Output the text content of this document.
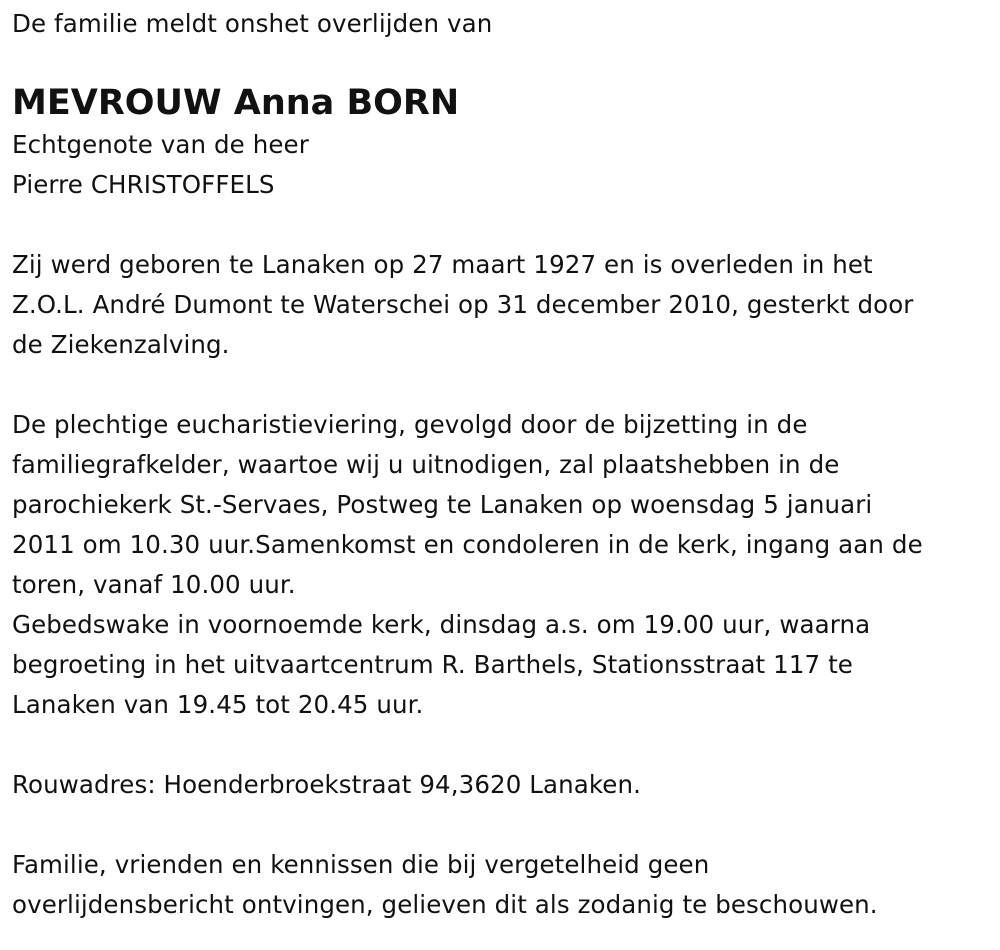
De familie meldt onshet overlijden van
MEVROUW Anna BORN
Echtgenote van de heer
Pierre CHRISTOFFELS
Zij werd geboren te Lanaken op 27 maart 1927 en is overleden in het
Z.O.L. André Dumont te Waterschei op 31 december 2010, gesterkt door
de Ziekenzalving.
De plechtige eucharistieviering, gevolgd door de bijzetting in de
familiegrafkelder, waartoe wij u uitnodigen, zal plaatshebben in de
parochiekerk St.-Servaes, Postweg te Lanaken op woensdag 5 januari
2011 om 10.30 uur.Samenkomst en condoleren in de kerk, ingang aan de
toren, vanaf 10.00 uur.
Gebedswake in voornoemde kerk, dinsdag a.s. om 19.00 uur, waarna
begroeting in het uitvaartcentrum R. Barthels, Stationsstraat 117 te
Lanaken van 19.45 tot 20.45 uur.
Rouwadres: Hoenderbroekstraat 94,3620 Lanaken.
Familie, vrienden en kennissen die bij vergetelheid geen
overlijdensbericht ontvingen, gelieven dit als zodanig te beschouwen.
